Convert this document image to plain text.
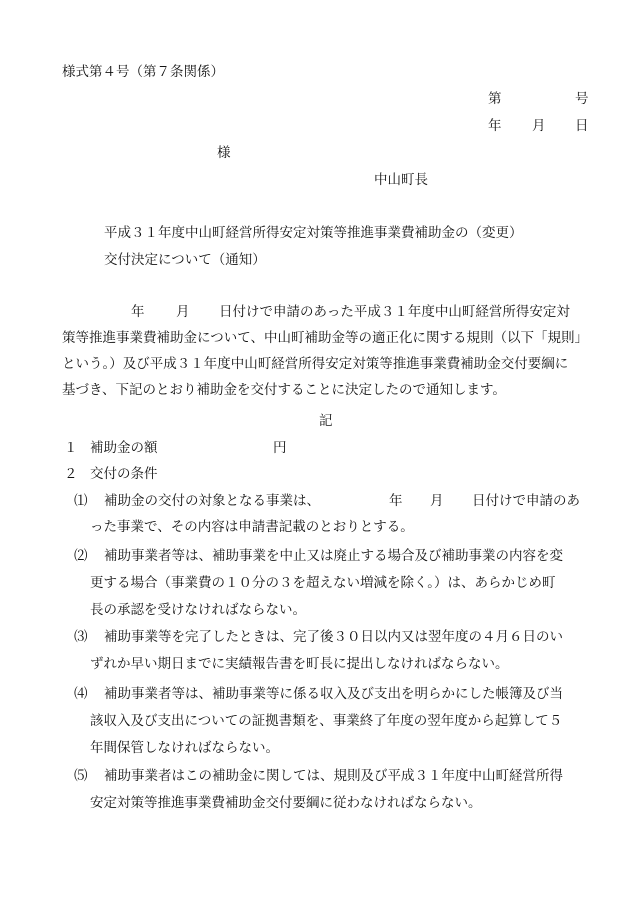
様式第４号（第７条関係）
第	号
年 月 日
様
中山町長
平成３１年度中山町経営所得安定対策等推進事業費補助金の（変更）
交付決定について（通知）
年 月 日付けで申請のあった平成３１年度中山町経営所得安定対
策等推進事業費補助金について、中山町補助金等の適正化に関する規則（以下「規則」
という。）及び平成３１年度中山町経営所得安定対策等推進事業費補助金交付要綱に
基づき、下記のとおり補助金を交付することに決定したので通知します。
記
１ 補助金の額	円
２ 交付の条件
⑴ 補助金の交付の対象となる事業は、	年 月 日付けで申請のあ
った事業で、その内容は申請書記載のとおりとする。
⑵ 補助事業者等は、補助事業を中止又は廃止する場合及び補助事業の内容を変
更する場合（事業費の１０分の３を超えない増減を除く。）は、あらかじめ町
長の承認を受けなければならない。
⑶ 補助事業等を完了したときは、完了後３０日以内又は翌年度の４月６日のい
ずれか早い期日までに実績報告書を町長に提出しなければならない。
⑷ 補助事業者等は、補助事業等に係る収入及び支出を明らかにした帳簿及び当
該収入及び支出についての証拠書類を、事業終了年度の翌年度から起算して５
年間保管しなければならない。
⑸ 補助事業者はこの補助金に関しては、規則及び平成３１年度中山町経営所得
安定対策等推進事業費補助金交付要綱に従わなければならない。
